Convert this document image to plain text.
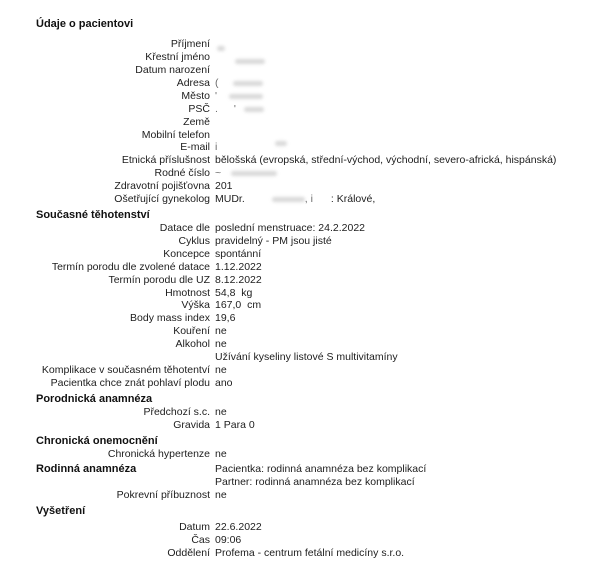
Údaje o pacientovi
Příjmení
Křestní jméno
Datum narození
Adresa (
Město '
PSČ . '
Země
Mobilní telefon
E-mail i
Etnická příslušnost bělošská (evropská, střední-východ, východní, severo-africká, hispánská)
Rodné číslo ~
Zdravotní pojišťovna 201
Ošetřující gynekolog MUDr.	, i : Králové,
Současné těhotenství
Datace dle poslední menstruace: 24.2.2022
Cyklus pravidelný - PM jsou jisté
Koncepce spontánní
Termín porodu dle zvolené datace 1.12.2022
Termín porodu dle UZ 8.12.2022
Hmotnost 54,8  kg
Výška 167,0  cm
Body mass index 19,6
Kouření ne
Alkohol ne
Užívání kyseliny listové S multivitamíny
Komplikace v současném těhotentví ne
Pacientka chce znát pohlaví plodu ano
Porodnická anamnéza
Předchozí s.c. ne
Gravida 1 Para 0
Chronická onemocnění
Chronická hypertenze ne
Rodinná anamnéza	Pacientka: rodinná anamnéza bez komplikací
Partner: rodinná anamnéza bez komplikací
Pokrevní příbuznost ne
Vyšetření
Datum 22.6.2022
Čas 09:06
Oddělení Profema - centrum fetální medicíny s.r.o.
